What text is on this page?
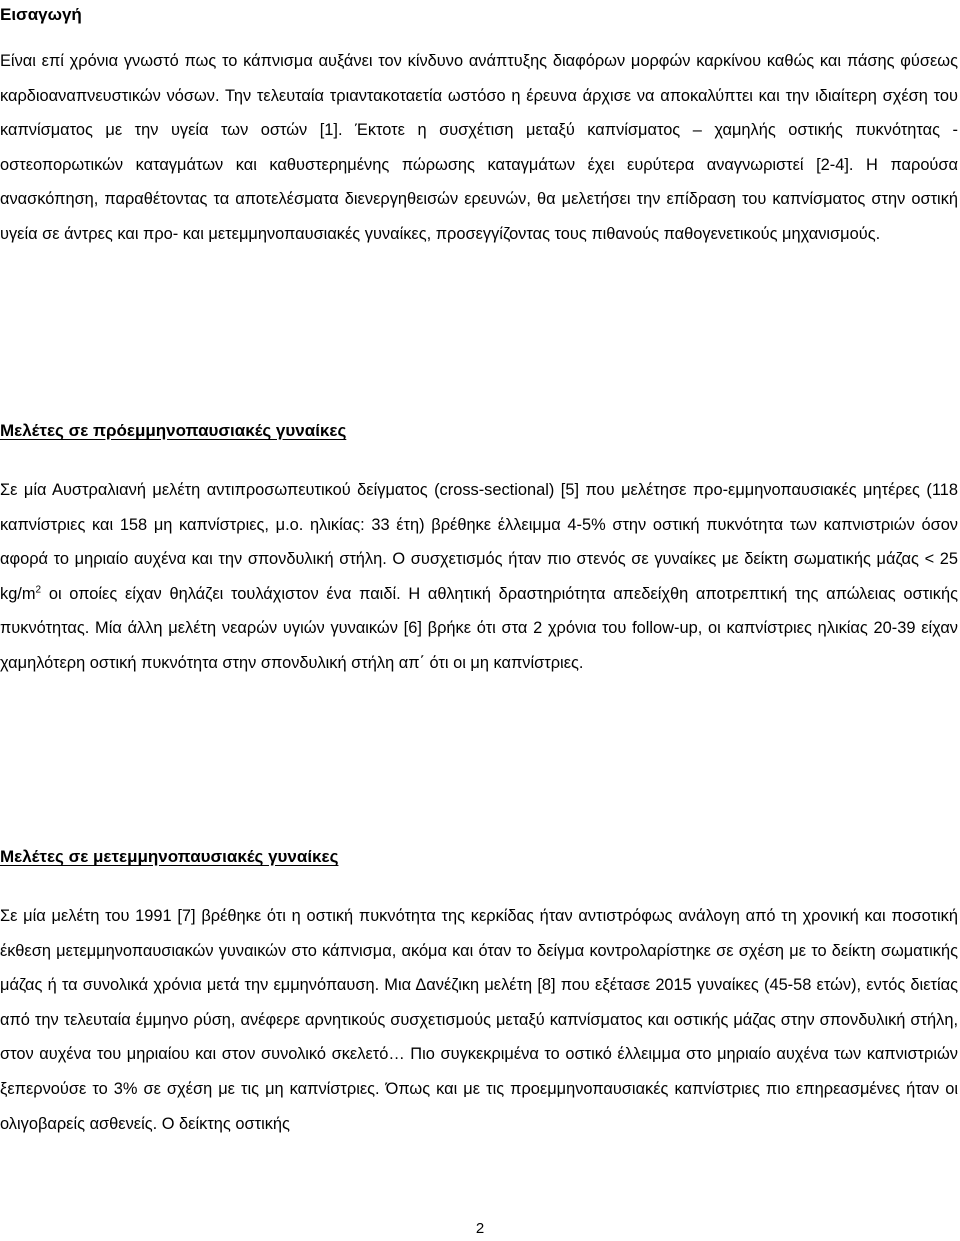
Εισαγωγή

Είναι επί χρόνια γνωστό πως το κάπνισμα αυξάνει τον κίνδυνο ανάπτυξης διαφόρων μορφών καρκίνου καθώς και πάσης φύσεως καρδιοαναπνευστικών νόσων. Την τελευταία τριαντακοταετία ωστόσο η έρευνα άρχισε να αποκαλύπτει και την ιδιαίτερη σχέση του καπνίσματος με την υγεία των οστών [1]. Έκτοτε η συσχέτιση μεταξύ καπνίσματος – χαμηλής οστικής πυκνότητας - οστεοπορωτικών καταγμάτων και καθυστερημένης πώρωσης καταγμάτων έχει ευρύτερα αναγνωριστεί [2-4]. Η παρούσα ανασκόπηση, παραθέτοντας τα αποτελέσματα διενεργηθεισών ερευνών, θα μελετήσει την επίδραση του καπνίσματος στην οστική υγεία σε άντρες και προ- και μετεμμηνοπαυσιακές γυναίκες, προσεγγίζοντας τους πιθανούς παθογενετικούς μηχανισμούς.

Μελέτες σε πρόεμμηνοπαυσιακές γυναίκες

Σε μία Αυστραλιανή μελέτη αντιπροσωπευτικού δείγματος (cross-sectional) [5] που μελέτησε προ-εμμηνοπαυσιακές μητέρες (118 καπνίστριες και 158 μη καπνίστριες, μ.ο. ηλικίας: 33 έτη) βρέθηκε έλλειμμα 4-5% στην οστική πυκνότητα των καπνιστριών όσον αφορά το μηριαίο αυχένα και την σπονδυλική στήλη. Ο συσχετισμός ήταν πιο στενός σε γυναίκες με δείκτη σωματικής μάζας < 25 $kg/m^2$ οι οποίες είχαν θηλάζει τουλάχιστον ένα παιδί. Η αθλητική δραστηριότητα απεδείχθη αποτρεπτική της απώλειας οστικής πυκνότητας. Μία άλλη μελέτη νεαρών υγιών γυναικών [6] βρήκε ότι στα 2 χρόνια του follow-up, οι καπνίστριες ηλικίας 20-39 είχαν χαμηλότερη οστική πυκνότητα στην σπονδυλική στήλη απ΄ ότι οι μη καπνίστριες.

Μελέτες σε μετεμμηνοπαυσιακές γυναίκες

Σε μία μελέτη του 1991 [7] βρέθηκε ότι η οστική πυκνότητα της κερκίδας ήταν αντιστρόφως ανάλογη από τη χρονική και ποσοτική έκθεση μετεμμηνοπαυσιακών γυναικών στο κάπνισμα, ακόμα και όταν το δείγμα κοντρολαρίστηκε σε σχέση με το δείκτη σωματικής μάζας ή τα συνολικά χρόνια μετά την εμμηνόπαυση. Μια Δανέζικη μελέτη [8] που εξέτασε 2015 γυναίκες (45-58 ετών), εντός διετίας από την τελευταία έμμηνο ρύση, ανέφερε αρνητικούς συσχετισμούς μεταξύ καπνίσματος και οστικής μάζας στην σπονδυλική στήλη, στον αυχένα του μηριαίου και στον συνολικό σκελετό… Πιο συγκεκριμένα το οστικό έλλειμμα στο μηριαίο αυχένα των καπνιστριών ξεπερνούσε το 3% σε σχέση με τις μη καπνίστριες. Όπως και με τις προεμμηνοπαυσιακές καπνίστριες πιο επηρεασμένες ήταν οι ολιγοβαρείς ασθενείς. Ο δείκτης οστικής

2
